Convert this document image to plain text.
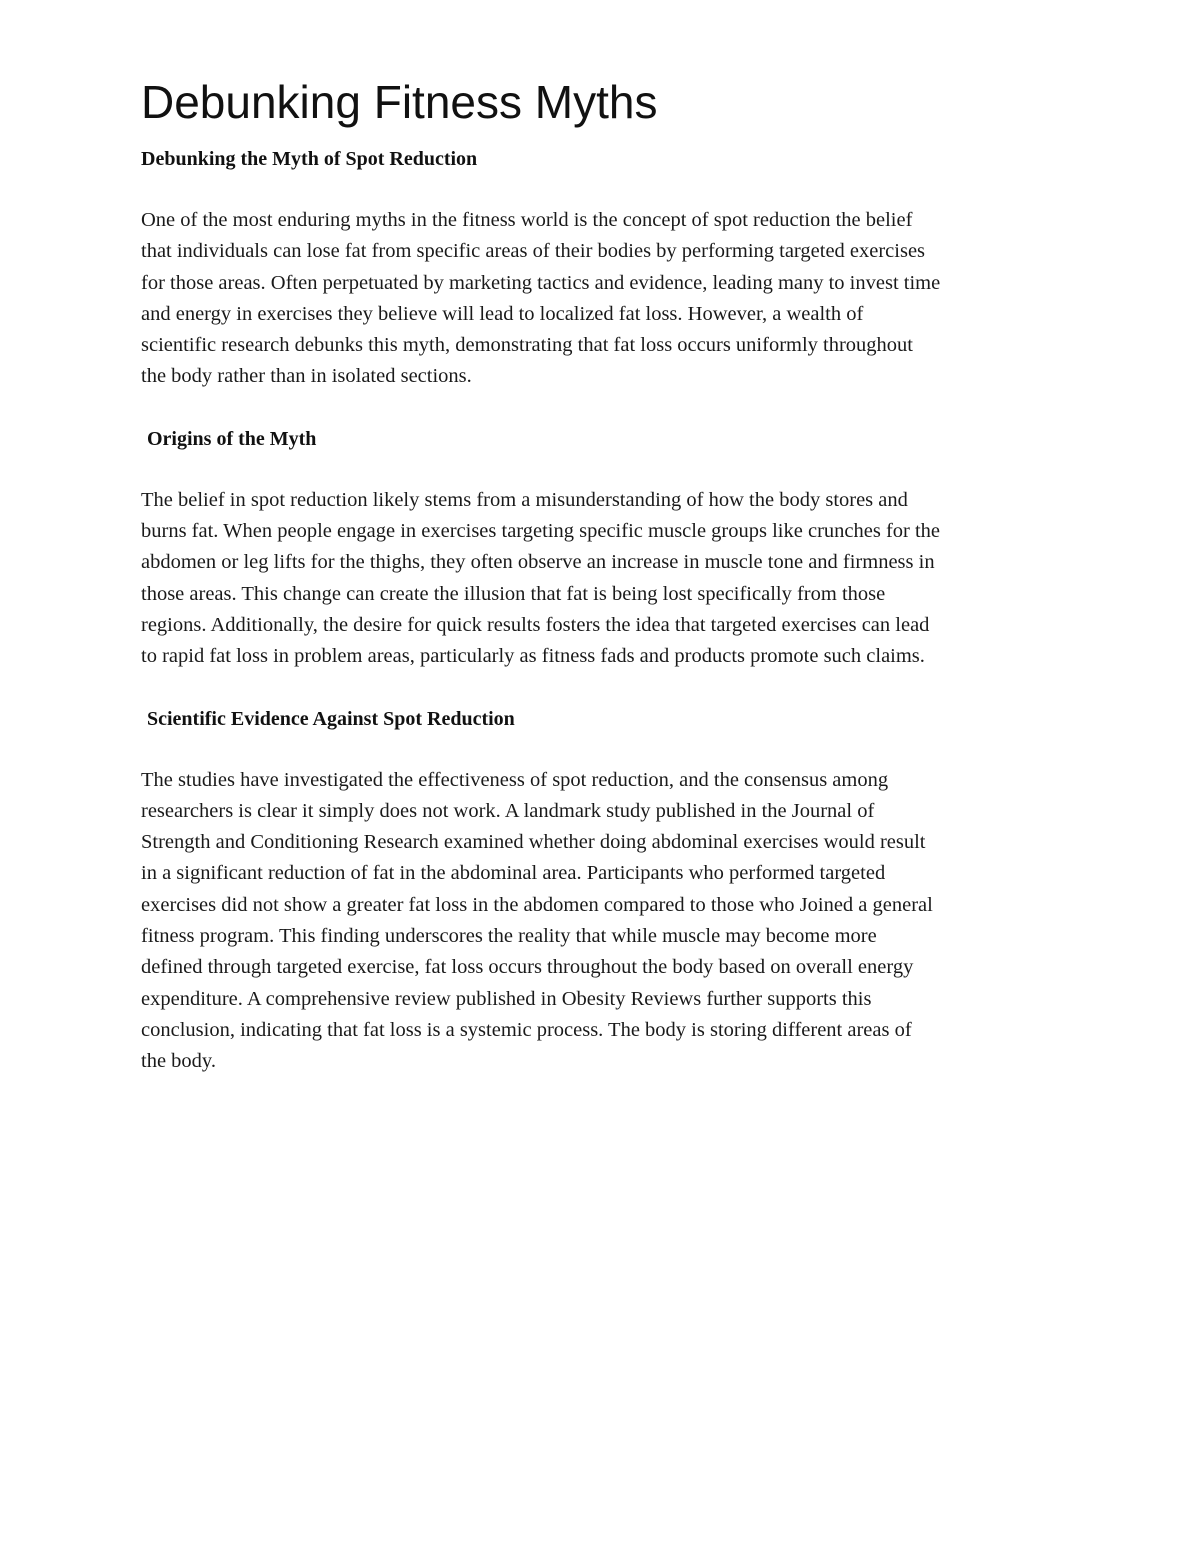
Debunking Fitness Myths
Debunking the Myth of Spot Reduction
One of the most enduring myths in the fitness world is the concept of spot reduction the belief
that individuals can lose fat from specific areas of their bodies by performing targeted exercises
for those areas. Often perpetuated by marketing tactics and evidence, leading many to invest time
and energy in exercises they believe will lead to localized fat loss. However, a wealth of
scientific research debunks this myth, demonstrating that fat loss occurs uniformly throughout
the body rather than in isolated sections.
Origins of the Myth
The belief in spot reduction likely stems from a misunderstanding of how the body stores and
burns fat. When people engage in exercises targeting specific muscle groups like crunches for the
abdomen or leg lifts for the thighs, they often observe an increase in muscle tone and firmness in
those areas. This change can create the illusion that fat is being lost specifically from those
regions. Additionally, the desire for quick results fosters the idea that targeted exercises can lead
to rapid fat loss in problem areas, particularly as fitness fads and products promote such claims.
Scientific Evidence Against Spot Reduction
The studies have investigated the effectiveness of spot reduction, and the consensus among
researchers is clear it simply does not work. A landmark study published in the Journal of
Strength and Conditioning Research examined whether doing abdominal exercises would result
in a significant reduction of fat in the abdominal area. Participants who performed targeted
exercises did not show a greater fat loss in the abdomen compared to those who Joined a general
fitness program. This finding underscores the reality that while muscle may become more
defined through targeted exercise, fat loss occurs throughout the body based on overall energy
expenditure. A comprehensive review published in Obesity Reviews further supports this
conclusion, indicating that fat loss is a systemic process. The body is storing different areas of
the body.
